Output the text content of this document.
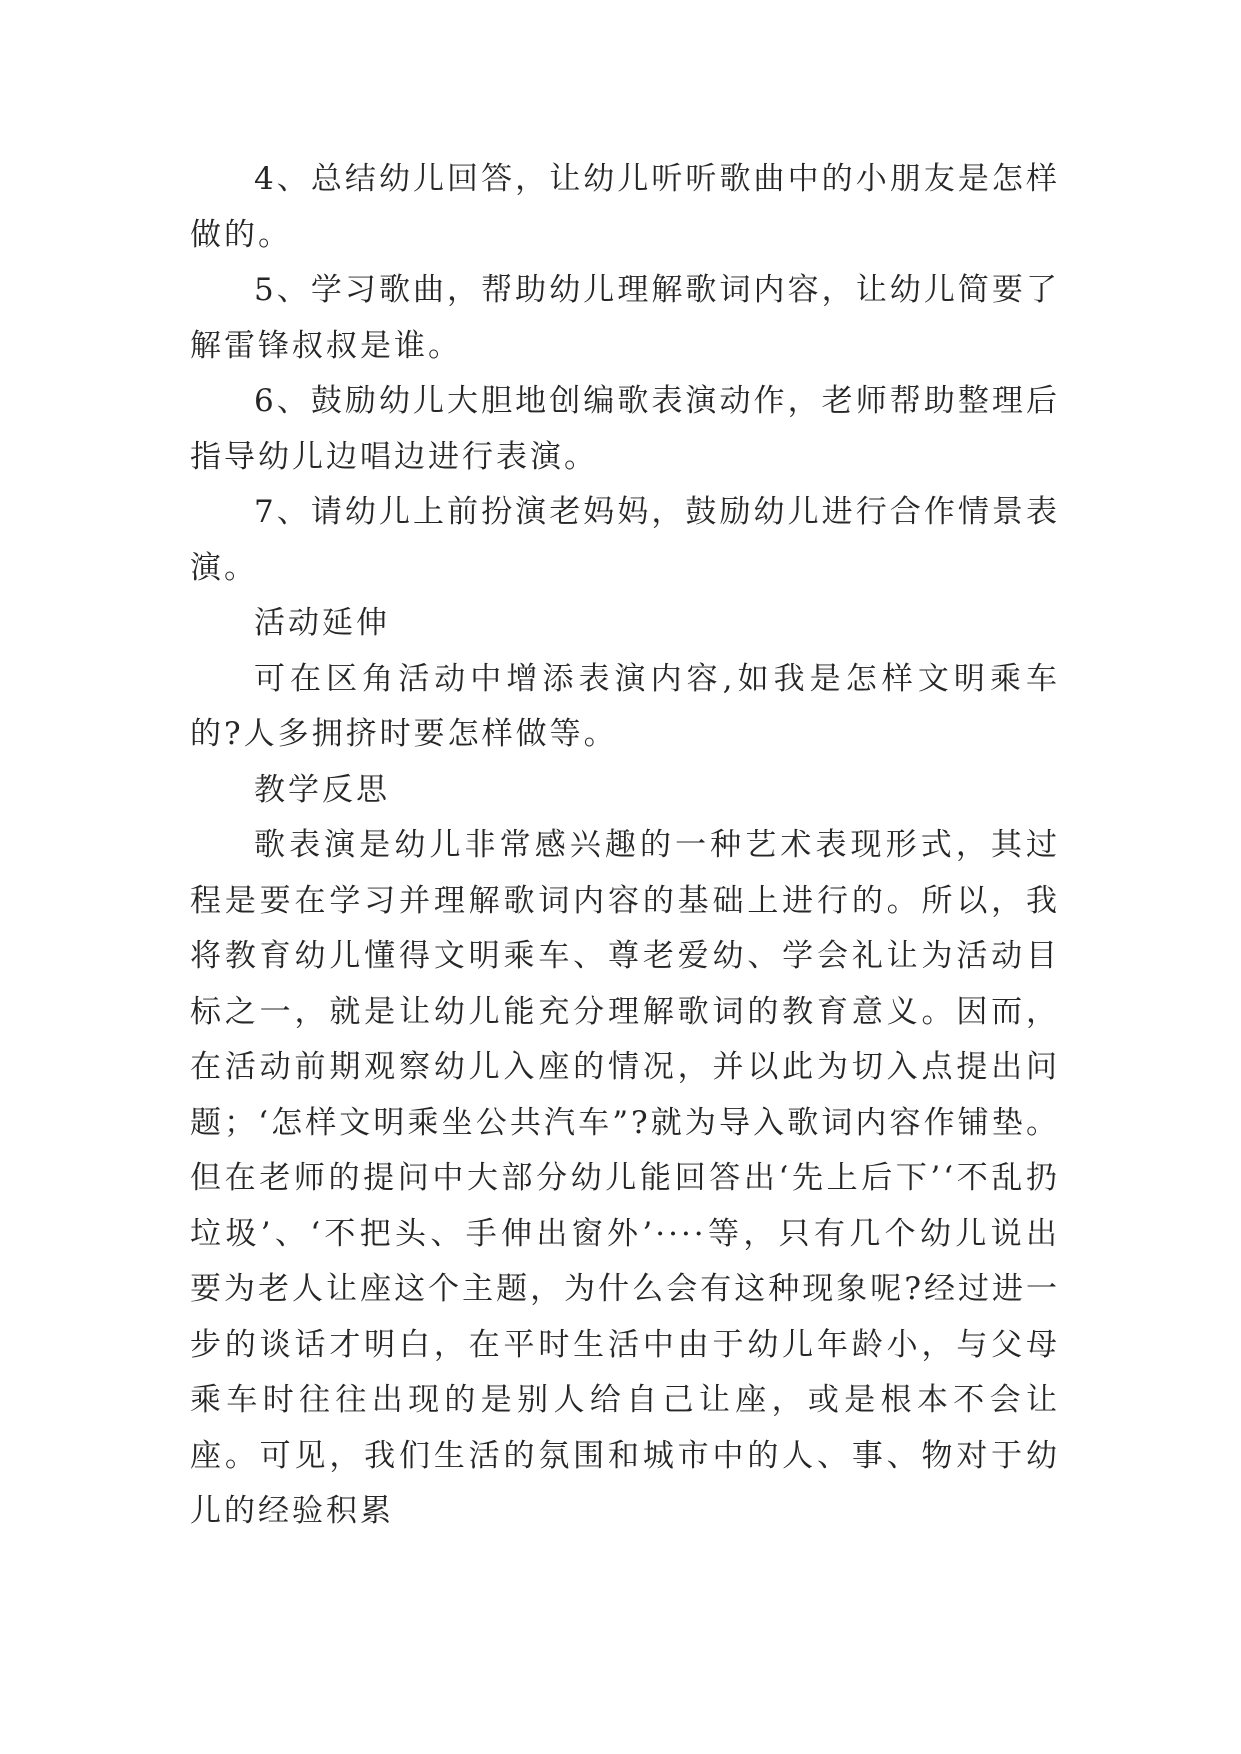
4、总结幼儿回答，让幼儿听听歌曲中的小朋友是怎样做的。

5、学习歌曲，帮助幼儿理解歌词内容，让幼儿简要了解雷锋叔叔是谁。

6、鼓励幼儿大胆地创编歌表演动作，老师帮助整理后指导幼儿边唱边进行表演。

7、请幼儿上前扮演老妈妈，鼓励幼儿进行合作情景表演。

活动延伸

可在区角活动中增添表演内容,如我是怎样文明乘车的?人多拥挤时要怎样做等。

教学反思

歌表演是幼儿非常感兴趣的一种艺术表现形式，其过程是要在学习并理解歌词内容的基础上进行的。所以，我将教育幼儿懂得文明乘车、尊老爱幼、学会礼让为活动目标之一，就是让幼儿能充分理解歌词的教育意义。因而，在活动前期观察幼儿入座的情况，并以此为切入点提出问题；‘怎样文明乘坐公共汽车”?就为导入歌词内容作铺垫。但在老师的提问中大部分幼儿能回答出‘先上后下’‘不乱扔垃圾’、‘不把头、手伸出窗外’····等，只有几个幼儿说出要为老人让座这个主题，为什么会有这种现象呢?经过进一步的谈话才明白，在平时生活中由于幼儿年龄小，与父母乘车时往往出现的是别人给自己让座，或是根本不会让座。可见，我们生活的氛围和城市中的人、事、物对于幼儿的经验积累
